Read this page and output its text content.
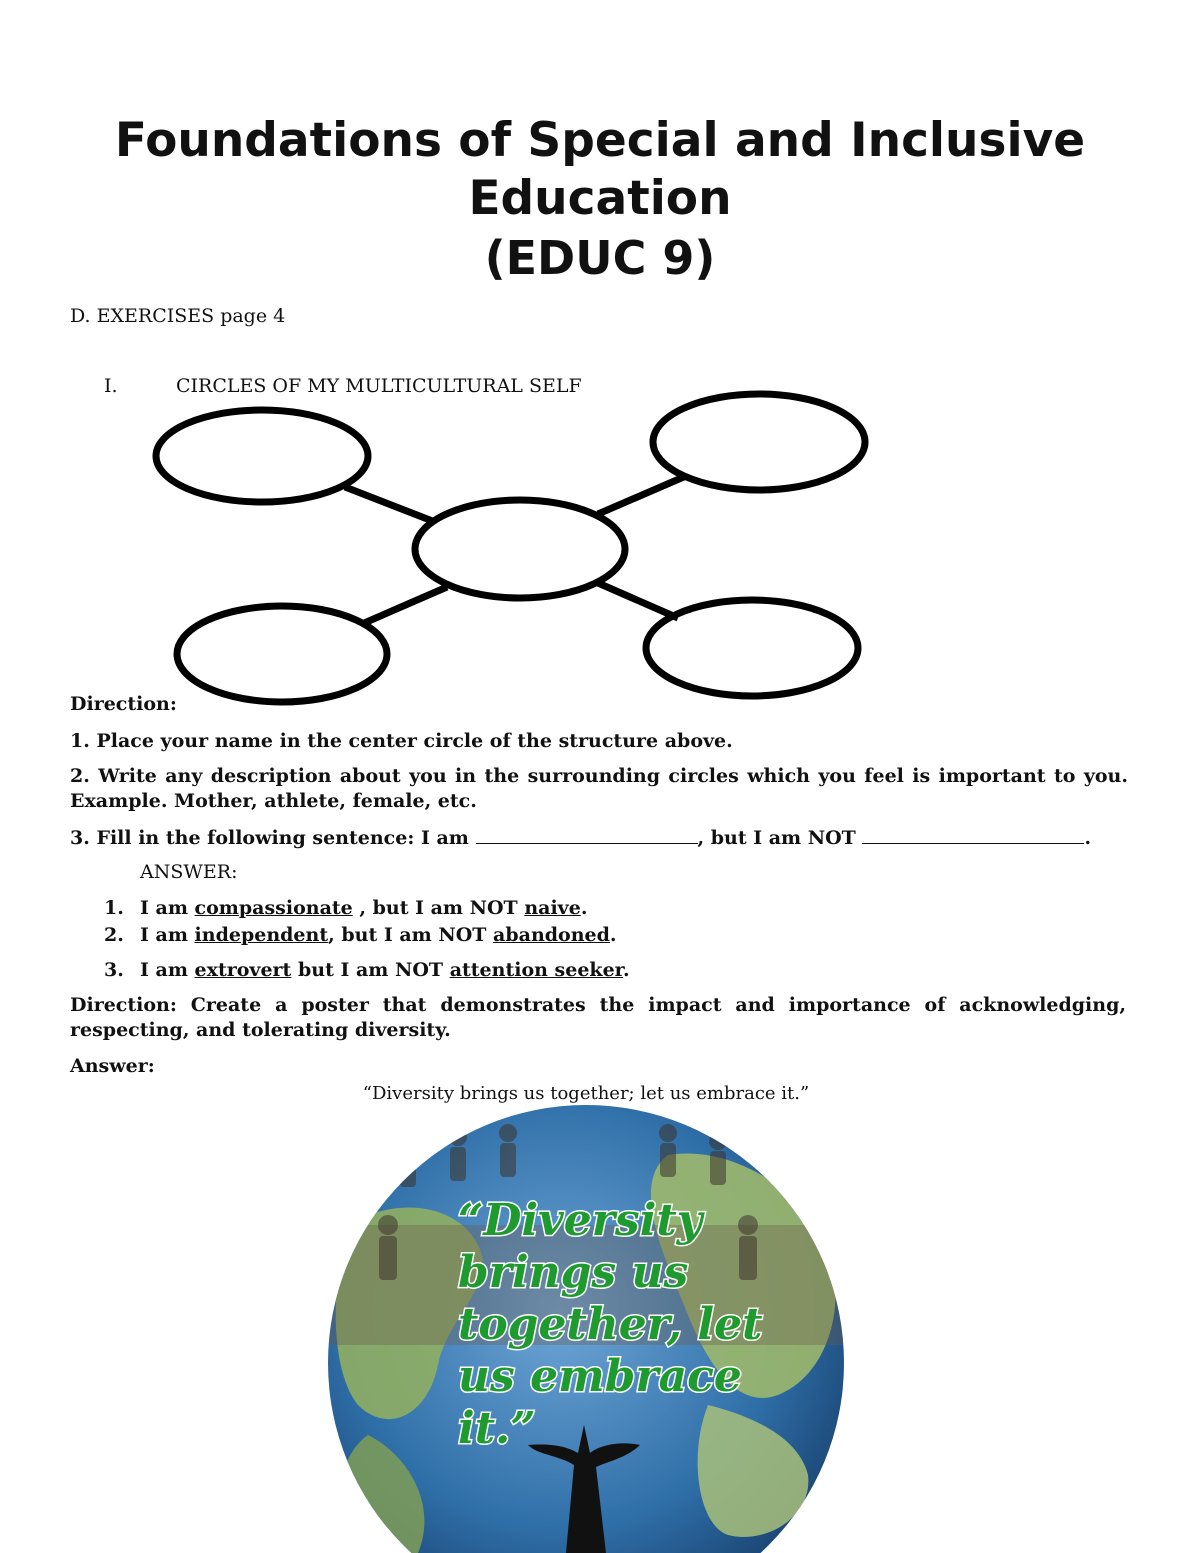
Foundations of Special and Inclusive
Education
(EDUC 9)
D. EXERCISES page 4
I.	CIRCLES OF MY MULTICULTURAL SELF
Direction:
1. Place your name in the center circle of the structure above.
2. Write any description about you in the surrounding circles which you feel is important to you. Example. Mother, athlete, female, etc.
3. Fill in the following sentence: I am	, but I am NOT	.
ANSWER:
1. I am compassionate , but I am NOT naive.
2. I am independent, but I am NOT abandoned.
3. I am extrovert but I am NOT attention seeker.
Direction: Create a poster that demonstrates the impact and importance of acknowledging, respecting, and tolerating diversity.
Answer:
“Diversity
brings us
together, let
us embrace
it.”
“Diversity brings us together; let us embrace it.”
